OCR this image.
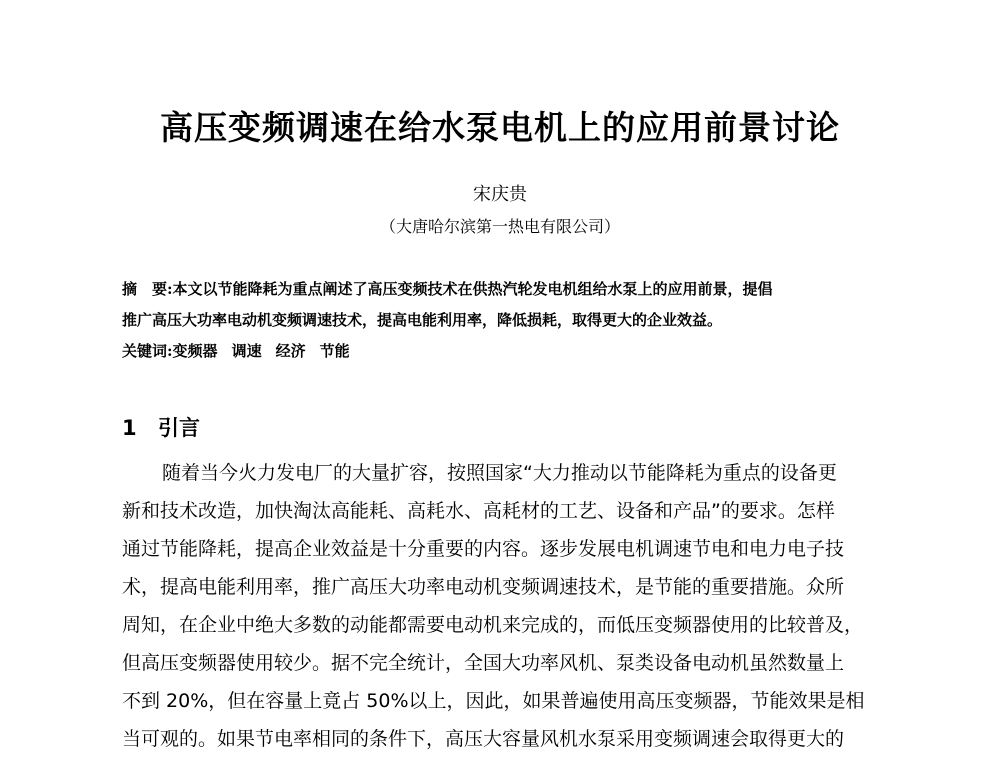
高压变频调速在给水泵电机上的应用前景讨论
宋庆贵
（大唐哈尔滨第一热电有限公司）
摘　要:本文以节能降耗为重点阐述了高压变频技术在供热汽轮发电机组给水泵上的应用前景，提倡
推广高压大功率电动机变频调速技术，提高电能利用率，降低损耗，取得更大的企业效益。
关键词:变频器 调速 经济 节能
1 引言
随着当今火力发电厂的大量扩容，按照国家“大力推动以节能降耗为重点的设备更
新和技术改造，加快淘汰高能耗、高耗水、高耗材的工艺、设备和产品”的要求。怎样
通过节能降耗，提高企业效益是十分重要的内容。逐步发展电机调速节电和电力电子技
术，提高电能利用率，推广高压大功率电动机变频调速技术，是节能的重要措施。众所
周知，在企业中绝大多数的动能都需要电动机来完成的，而低压变频器使用的比较普及，
但高压变频器使用较少。据不完全统计，全国大功率风机、泵类设备电动机虽然数量上
不到 20%，但在容量上竟占 50%以上，因此，如果普遍使用高压变频器，节能效果是相
当可观的。如果节电率相同的条件下，高压大容量风机水泵采用变频调速会取得更大的
